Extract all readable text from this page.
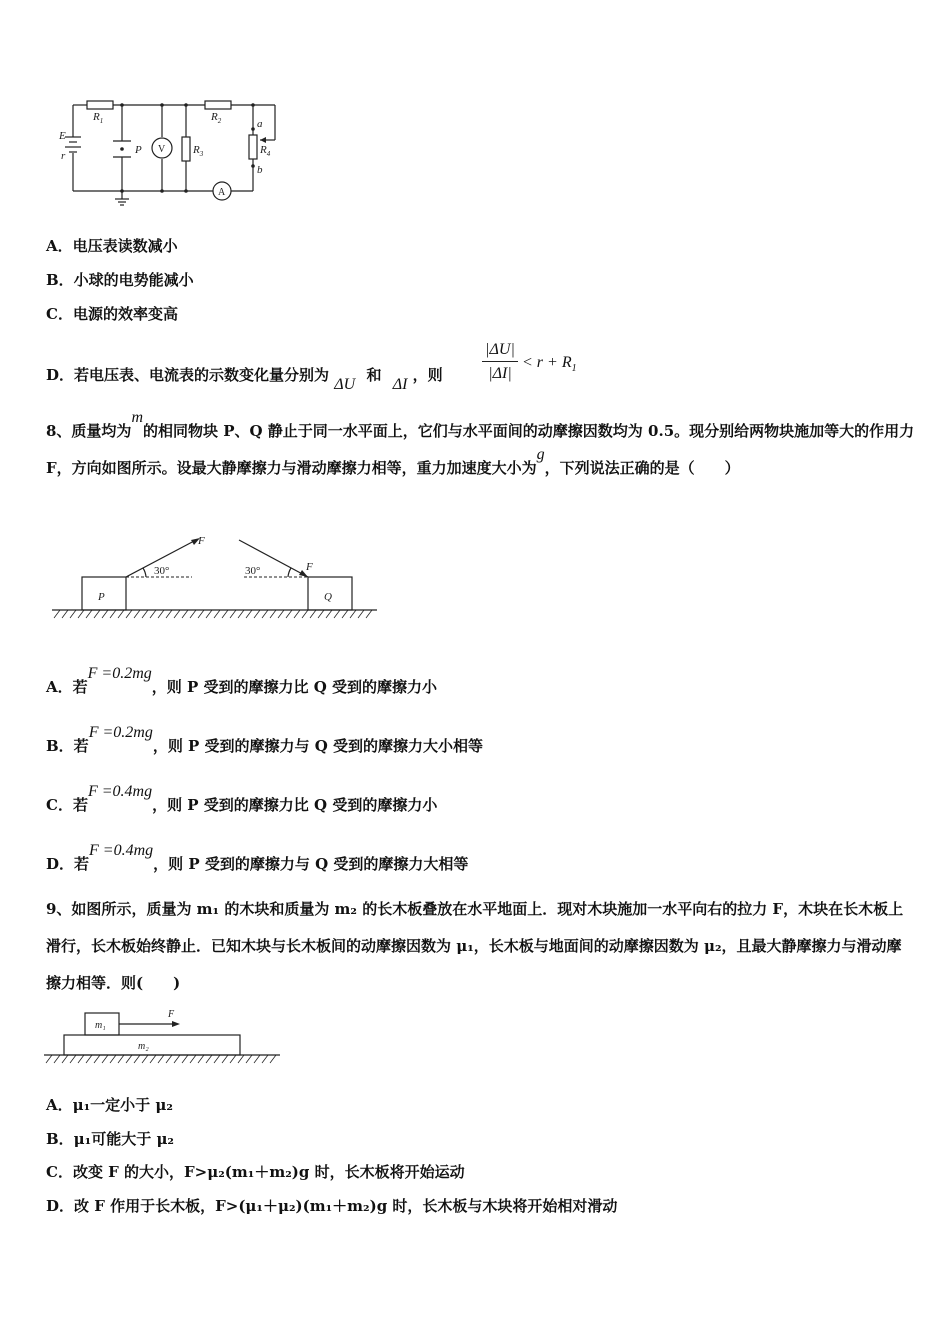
E
r
$R_1$	$R_2$
$R_3$	$R_4$
P
a
b
V
A
A．电压表读数减小
B．小球的电势能减小
C．电源的效率变高
D．若电压表、电流表的示数变化量分别为 ΔU 和 ΔI ，则 $\frac{|\Delta U|}{|\Delta I|} < r + R_1$
8、质量均为m的相同物块 P、Q 静止于同一水平面上，它们与水平面间的动摩擦因数均为 0.5。现分别给两物块施加等大的作用力 F，方向如图所示。设最大静摩擦力与滑动摩擦力相等，重力加速度大小为g，下列说法正确的是（　　）
P	Q
F
F
30°	30°
A．若F =0.2mg，则 P 受到的摩擦力比 Q 受到的摩擦力小
B．若F =0.2mg，则 P 受到的摩擦力与 Q 受到的摩擦力大小相等
C．若F =0.4mg，则 P 受到的摩擦力比 Q 受到的摩擦力小
D．若F =0.4mg，则 P 受到的摩擦力与 Q 受到的摩擦力大相等
9、如图所示，质量为 m₁ 的木块和质量为 m₂ 的长木板叠放在水平地面上．现对木块施加一水平向右的拉力 F，木块在长木板上滑行，长木板始终静止．已知木块与长木板间的动摩擦因数为 μ₁，长木板与地面间的动摩擦因数为 μ₂，且最大静摩擦力与滑动摩擦力相等．则(　　)
m₁
m₂
F
A．μ₁一定小于 μ₂
B．μ₁可能大于 μ₂
C．改变 F 的大小，F>μ₂(m₁＋m₂)g 时，长木板将开始运动
D．改 F 作用于长木板，F>(μ₁＋μ₂)(m₁＋m₂)g 时，长木板与木块将开始相对滑动
